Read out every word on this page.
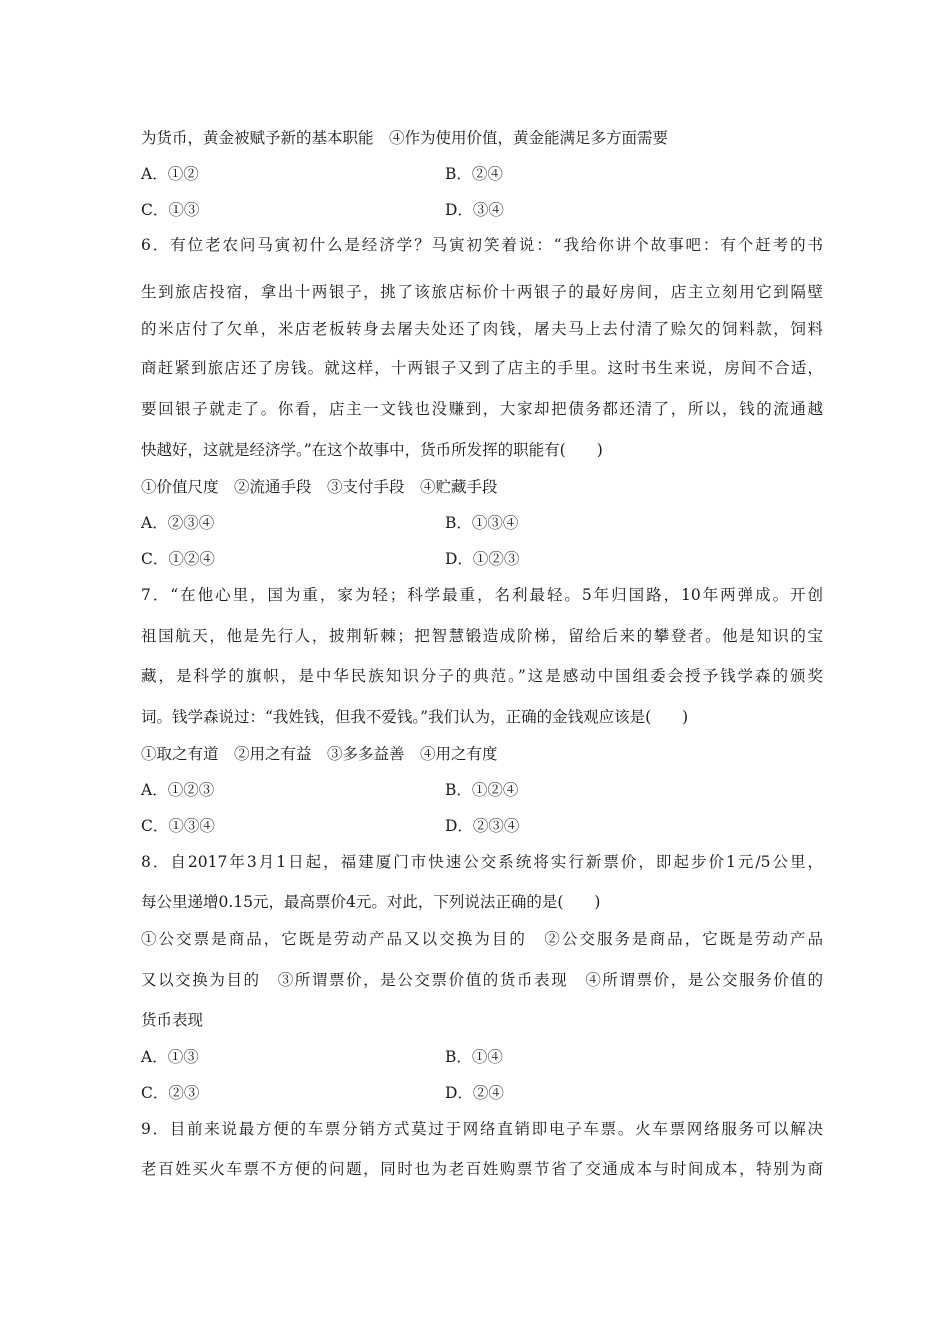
为货币，黄金被赋予新的基本职能　④作为使用价值，黄金能满足多方面需要
A．①②	B．②④
C．①③	D．③④
6．有位老农问马寅初什么是经济学？马寅初笑着说：“我给你讲个故事吧：有个赶考的书
生到旅店投宿，拿出十两银子，挑了该旅店标价十两银子的最好房间，店主立刻用它到隔壁
的米店付了欠单，米店老板转身去屠夫处还了肉钱，屠夫马上去付清了赊欠的饲料款，饲料
商赶紧到旅店还了房钱。就这样，十两银子又到了店主的手里。这时书生来说，房间不合适，
要回银子就走了。你看，店主一文钱也没赚到，大家却把债务都还清了，所以，钱的流通越
快越好，这就是经济学。”在这个故事中，货币所发挥的职能有(　　)
①价值尺度　②流通手段　③支付手段　④贮藏手段
A．②③④	B．①③④
C．①②④	D．①②③
7．“在他心里，国为重，家为轻；科学最重，名利最轻。5年归国路，10年两弹成。开创
祖国航天，他是先行人，披荆斩棘；把智慧锻造成阶梯，留给后来的攀登者。他是知识的宝
藏，是科学的旗帜，是中华民族知识分子的典范。”这是感动中国组委会授予钱学森的颁奖
词。钱学森说过：“我姓钱，但我不爱钱。”我们认为，正确的金钱观应该是(　　)
①取之有道　②用之有益　③多多益善　④用之有度
A．①②③	B．①②④
C．①③④	D．②③④
8．自2017年3月1日起，福建厦门市快速公交系统将实行新票价，即起步价1元/5公里，
每公里递增0.15元，最高票价4元。对此，下列说法正确的是(　　)
①公交票是商品，它既是劳动产品又以交换为目的　②公交服务是商品，它既是劳动产品
又以交换为目的　③所谓票价，是公交票价值的货币表现　④所谓票价，是公交服务价值的
货币表现
A．①③	B．①④
C．②③	D．②④
9．目前来说最方便的车票分销方式莫过于网络直销即电子车票。火车票网络服务可以解决
老百姓买火车票不方便的问题，同时也为老百姓购票节省了交通成本与时间成本，特别为商
